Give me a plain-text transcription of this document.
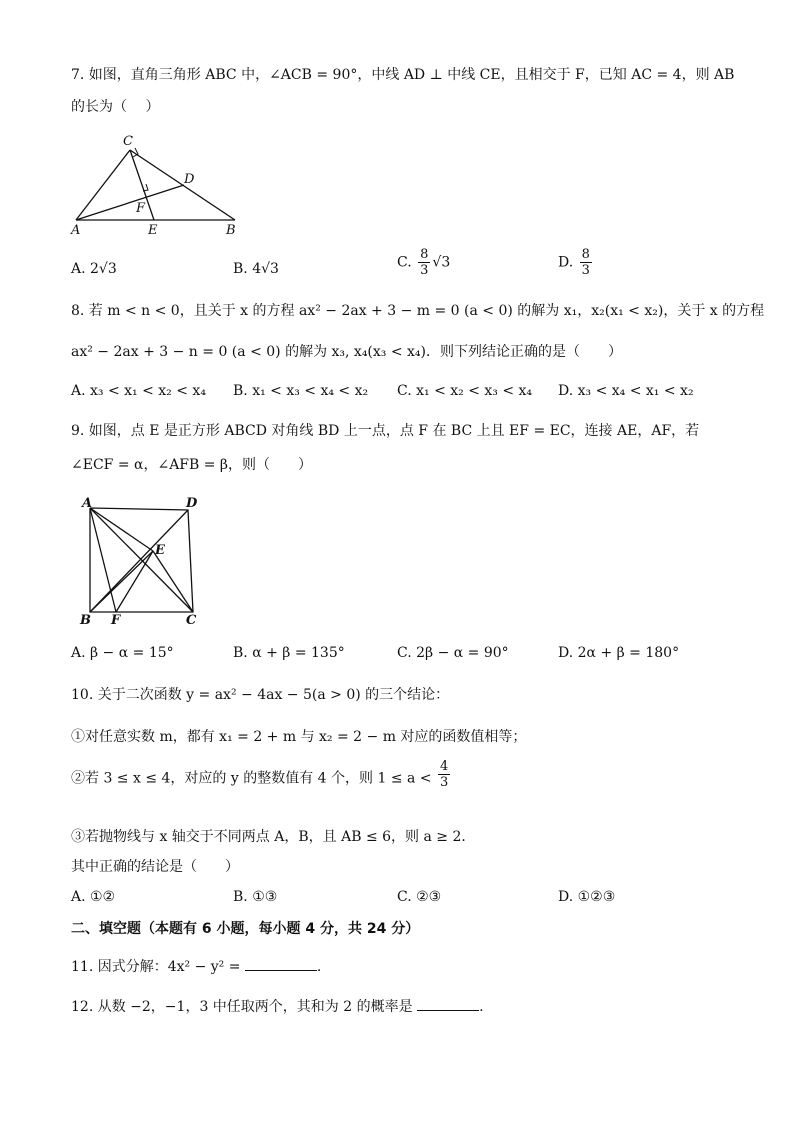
7. 如图，直角三角形 ABC 中，∠ACB = 90°，中线 AD ⊥ 中线 CE，且相交于 F，已知 AC = 4，则 AB
的长为（　 ）
C
D
F
A	E	B
A. 2√3	B. 4√3	C. $\frac{8}{3} √3$	D. $\frac{8}{3}$
8. 若 m < n < 0，且关于 x 的方程 ax² − 2ax + 3 − m = 0 (a < 0) 的解为 x₁，x₂(x₁ < x₂)，关于 x 的方程
ax² − 2ax + 3 − n = 0 (a < 0) 的解为 x₃, x₄(x₃ < x₄)．则下列结论正确的是（　　）
A. x₃ < x₁ < x₂ < x₄ B. x₁ < x₃ < x₄ < x₂ C. x₁ < x₂ < x₃ < x₄ D. x₃ < x₄ < x₁ < x₂
9. 如图，点 E 是正方形 ABCD 对角线 BD 上一点，点 F 在 BC 上且 EF = EC，连接 AE，AF，若
∠ECF = α，∠AFB = β，则（　　）
A	D
E
B F	C
A. β − α = 15°	B. α + β = 135°	C. 2β − α = 90°	D. 2α + β = 180°
10. 关于二次函数 y = ax² − 4ax − 5(a > 0) 的三个结论：
①对任意实数 m，都有 x₁ = 2 + m 与 x₂ = 2 − m 对应的函数值相等；
②若 3 ≤ x ≤ 4，对应的 y 的整数值有 4 个，则 $1 \le a < \frac{4}{3}$
③若抛物线与 x 轴交于不同两点 A，B，且 AB ≤ 6，则 a ≥ 2．
其中正确的结论是（　　）
A. ①②	B. ①③	C. ②③	D. ①②③
二、填空题（本题有 6 小题，每小题 4 分，共 24 分）
11. 因式分解：4x² − y² =	.
12. 从数 −2，−1，3 中任取两个，其和为 2 的概率是	.
